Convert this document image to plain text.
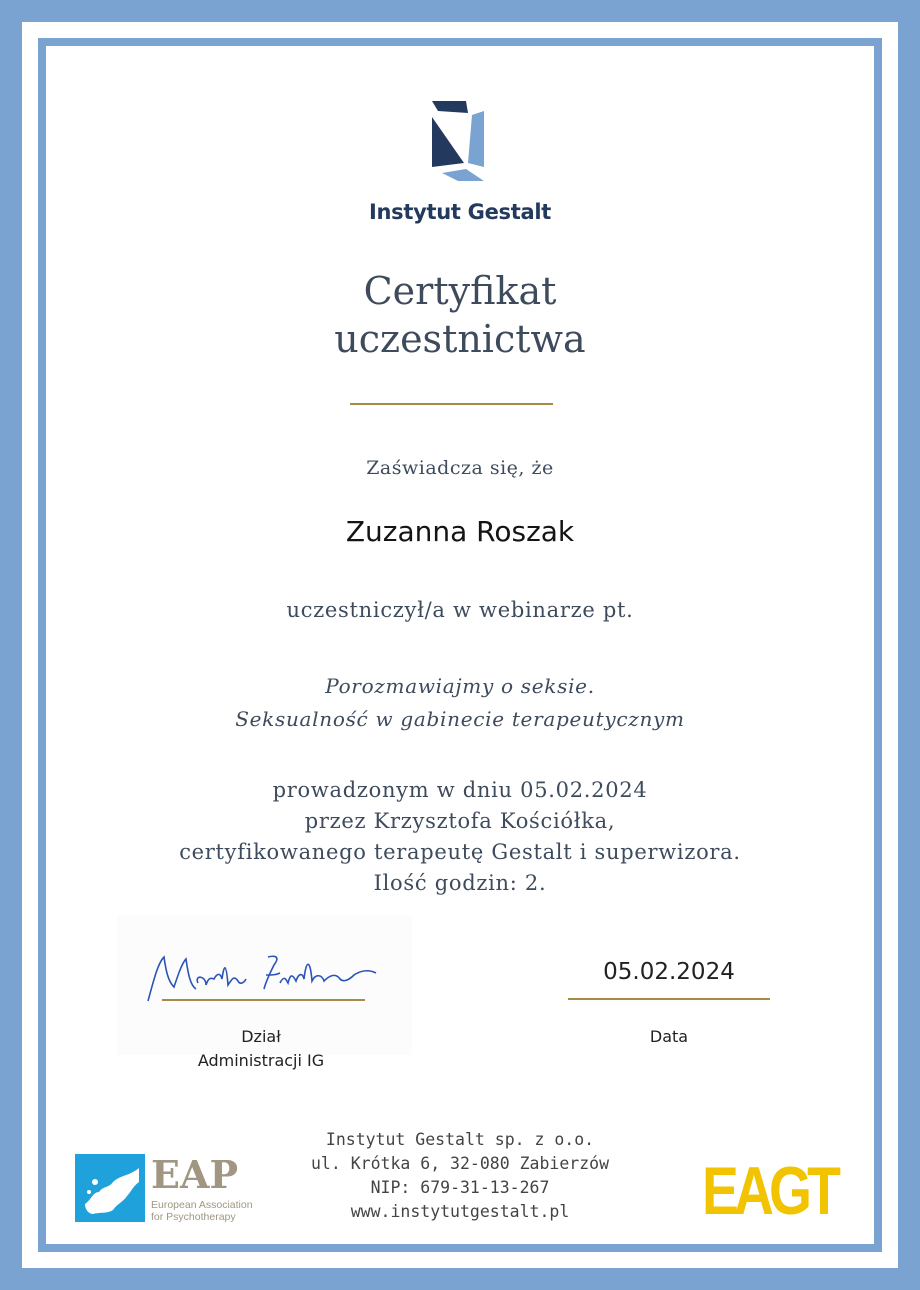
Instytut Gestalt
Certyfikat
uczestnictwa
Zaświadcza się, że
Zuzanna Roszak
uczestniczył/a w webinarze pt.
Porozmawiajmy o seksie.
Seksualność w gabinecie terapeutycznym
prowadzonym w dniu 05.02.2024
przez Krzysztofa Kościółka,
certyfikowanego terapeutę Gestalt i superwizora.
Ilość godzin: 2.
Dział
Administracji IG
05.02.2024
Data
Instytut Gestalt sp. z o.o.
ul. Krótka 6, 32-080 Zabierzów
NIP: 679-31-13-267
www.instytutgestalt.pl
EAP
European Association
for Psychotherapy	EAGT
